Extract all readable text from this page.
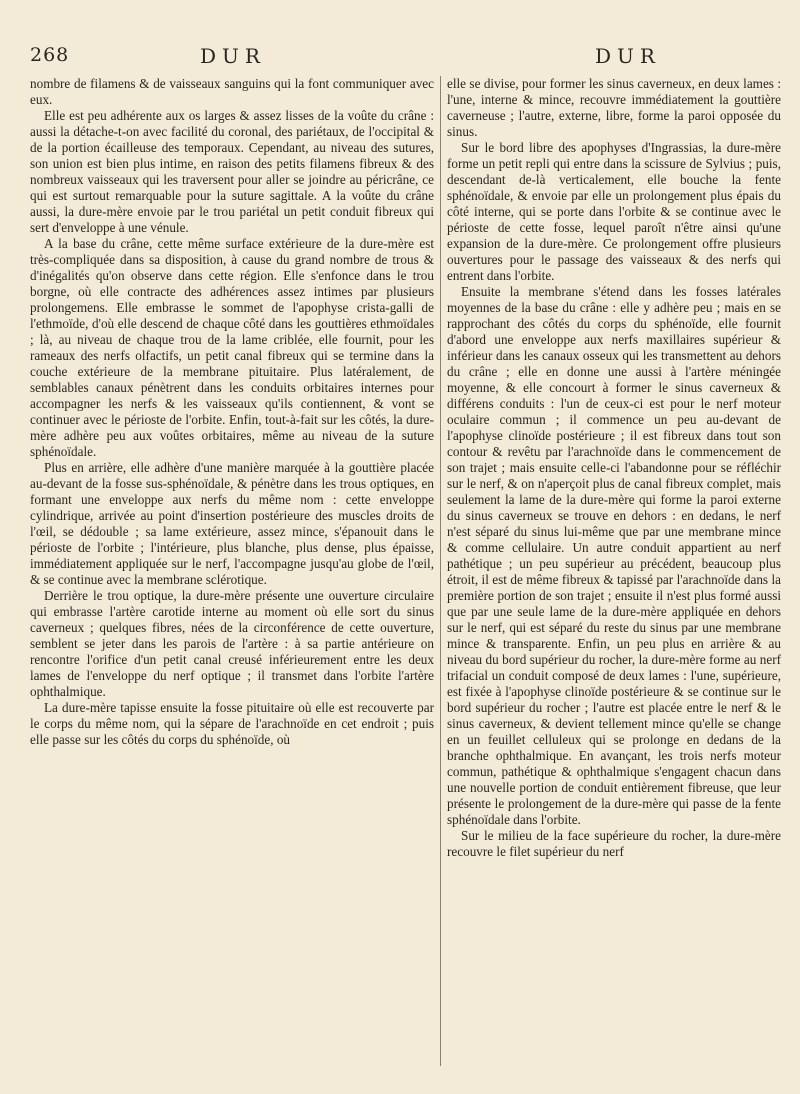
268	DUR	DUR

nombre de filamens & de vaisseaux sanguins qui la font communiquer avec eux.

Elle est peu adhérente aux os larges & assez lisses de la voûte du crâne : aussi la détache-t-on avec facilité du coronal, des pariétaux, de l'occipital & de la portion écailleuse des temporaux. Cependant, au niveau des sutures, son union est bien plus intime, en raison des petits filamens fibreux & des nombreux vaisseaux qui les traversent pour aller se joindre au péricrâne, ce qui est surtout remarquable pour la suture sagittale. A la voûte du crâne aussi, la dure-mère envoie par le trou pariétal un petit conduit fibreux qui sert d'enveloppe à une vénule.

A la base du crâne, cette même surface extérieure de la dure-mère est très-compliquée dans sa disposition, à cause du grand nombre de trous & d'inégalités qu'on observe dans cette région. Elle s'enfonce dans le trou borgne, où elle contracte des adhérences assez intimes par plusieurs prolongemens. Elle embrasse le sommet de l'apophyse crista-galli de l'ethmoïde, d'où elle descend de chaque côté dans les gouttières ethmoïdales ; là, au niveau de chaque trou de la lame criblée, elle fournit, pour les rameaux des nerfs olfactifs, un petit canal fibreux qui se termine dans la couche extérieure de la membrane pituitaire. Plus latéralement, de semblables canaux pénètrent dans les conduits orbitaires internes pour accompagner les nerfs & les vaisseaux qu'ils contiennent, & vont se continuer avec le périoste de l'orbite. Enfin, tout-à-fait sur les côtés, la dure-mère adhère peu aux voûtes orbitaires, même au niveau de la suture sphénoïdale.

Plus en arrière, elle adhère d'une manière marquée à la gouttière placée au-devant de la fosse sus-sphénoïdale, & pénètre dans les trous optiques, en formant une enveloppe aux nerfs du même nom : cette enveloppe cylindrique, arrivée au point d'insertion postérieure des muscles droits de l'œil, se dédouble ; sa lame extérieure, assez mince, s'épanouit dans le périoste de l'orbite ; l'intérieure, plus blanche, plus dense, plus épaisse, immédiatement appliquée sur le nerf, l'accompagne jusqu'au globe de l'œil, & se continue avec la membrane sclérotique.

Derrière le trou optique, la dure-mère présente une ouverture circulaire qui embrasse l'artère carotide interne au moment où elle sort du sinus caverneux ; quelques fibres, nées de la circonférence de cette ouverture, semblent se jeter dans les parois de l'artère : à sa partie antérieure on rencontre l'orifice d'un petit canal creusé inférieurement entre les deux lames de l'enveloppe du nerf optique ; il transmet dans l'orbite l'artère ophthalmique.

La dure-mère tapisse ensuite la fosse pituitaire où elle est recouverte par le corps du même nom, qui la sépare de l'arachnoïde en cet endroit ; puis elle passe sur les côtés du corps du sphénoïde, où

elle se divise, pour former les sinus caverneux, en deux lames : l'une, interne & mince, recouvre immédiatement la gouttière caverneuse ; l'autre, externe, libre, forme la paroi opposée du sinus.

Sur le bord libre des apophyses d'Ingrassias, la dure-mère forme un petit repli qui entre dans la scissure de Sylvius ; puis, descendant de-là verticalement, elle bouche la fente sphénoïdale, & envoie par elle un prolongement plus épais du côté interne, qui se porte dans l'orbite & se continue avec le périoste de cette fosse, lequel paroît n'être ainsi qu'une expansion de la dure-mère. Ce prolongement offre plusieurs ouvertures pour le passage des vaisseaux & des nerfs qui entrent dans l'orbite.

Ensuite la membrane s'étend dans les fosses latérales moyennes de la base du crâne : elle y adhère peu ; mais en se rapprochant des côtés du corps du sphénoïde, elle fournit d'abord une enveloppe aux nerfs maxillaires supérieur & inférieur dans les canaux osseux qui les transmettent au dehors du crâne ; elle en donne une aussi à l'artère méningée moyenne, & elle concourt à former le sinus caverneux & différens conduits : l'un de ceux-ci est pour le nerf moteur oculaire commun ; il commence un peu au-devant de l'apophyse clinoïde postérieure ; il est fibreux dans tout son contour & revêtu par l'arachnoïde dans le commencement de son trajet ; mais ensuite celle-ci l'abandonne pour se réfléchir sur le nerf, & on n'aperçoit plus de canal fibreux complet, mais seulement la lame de la dure-mère qui forme la paroi externe du sinus caverneux se trouve en dehors : en dedans, le nerf n'est séparé du sinus lui-même que par une membrane mince & comme cellulaire. Un autre conduit appartient au nerf pathétique ; un peu supérieur au précédent, beaucoup plus étroit, il est de même fibreux & tapissé par l'arachnoïde dans la première portion de son trajet ; ensuite il n'est plus formé aussi que par une seule lame de la dure-mère appliquée en dehors sur le nerf, qui est séparé du reste du sinus par une membrane mince & transparente. Enfin, un peu plus en arrière & au niveau du bord supérieur du rocher, la dure-mère forme au nerf trifacial un conduit composé de deux lames : l'une, supérieure, est fixée à l'apophyse clinoïde postérieure & se continue sur le bord supérieur du rocher ; l'autre est placée entre le nerf & le sinus caverneux, & devient tellement mince qu'elle se change en un feuillet celluleux qui se prolonge en dedans de la branche ophthalmique. En avançant, les trois nerfs moteur commun, pathétique & ophthalmique s'engagent chacun dans une nouvelle portion de conduit entièrement fibreuse, que leur présente le prolongement de la dure-mère qui passe de la fente sphénoïdale dans l'orbite.

Sur le milieu de la face supérieure du rocher, la dure-mère recouvre le filet supérieur du nerf
